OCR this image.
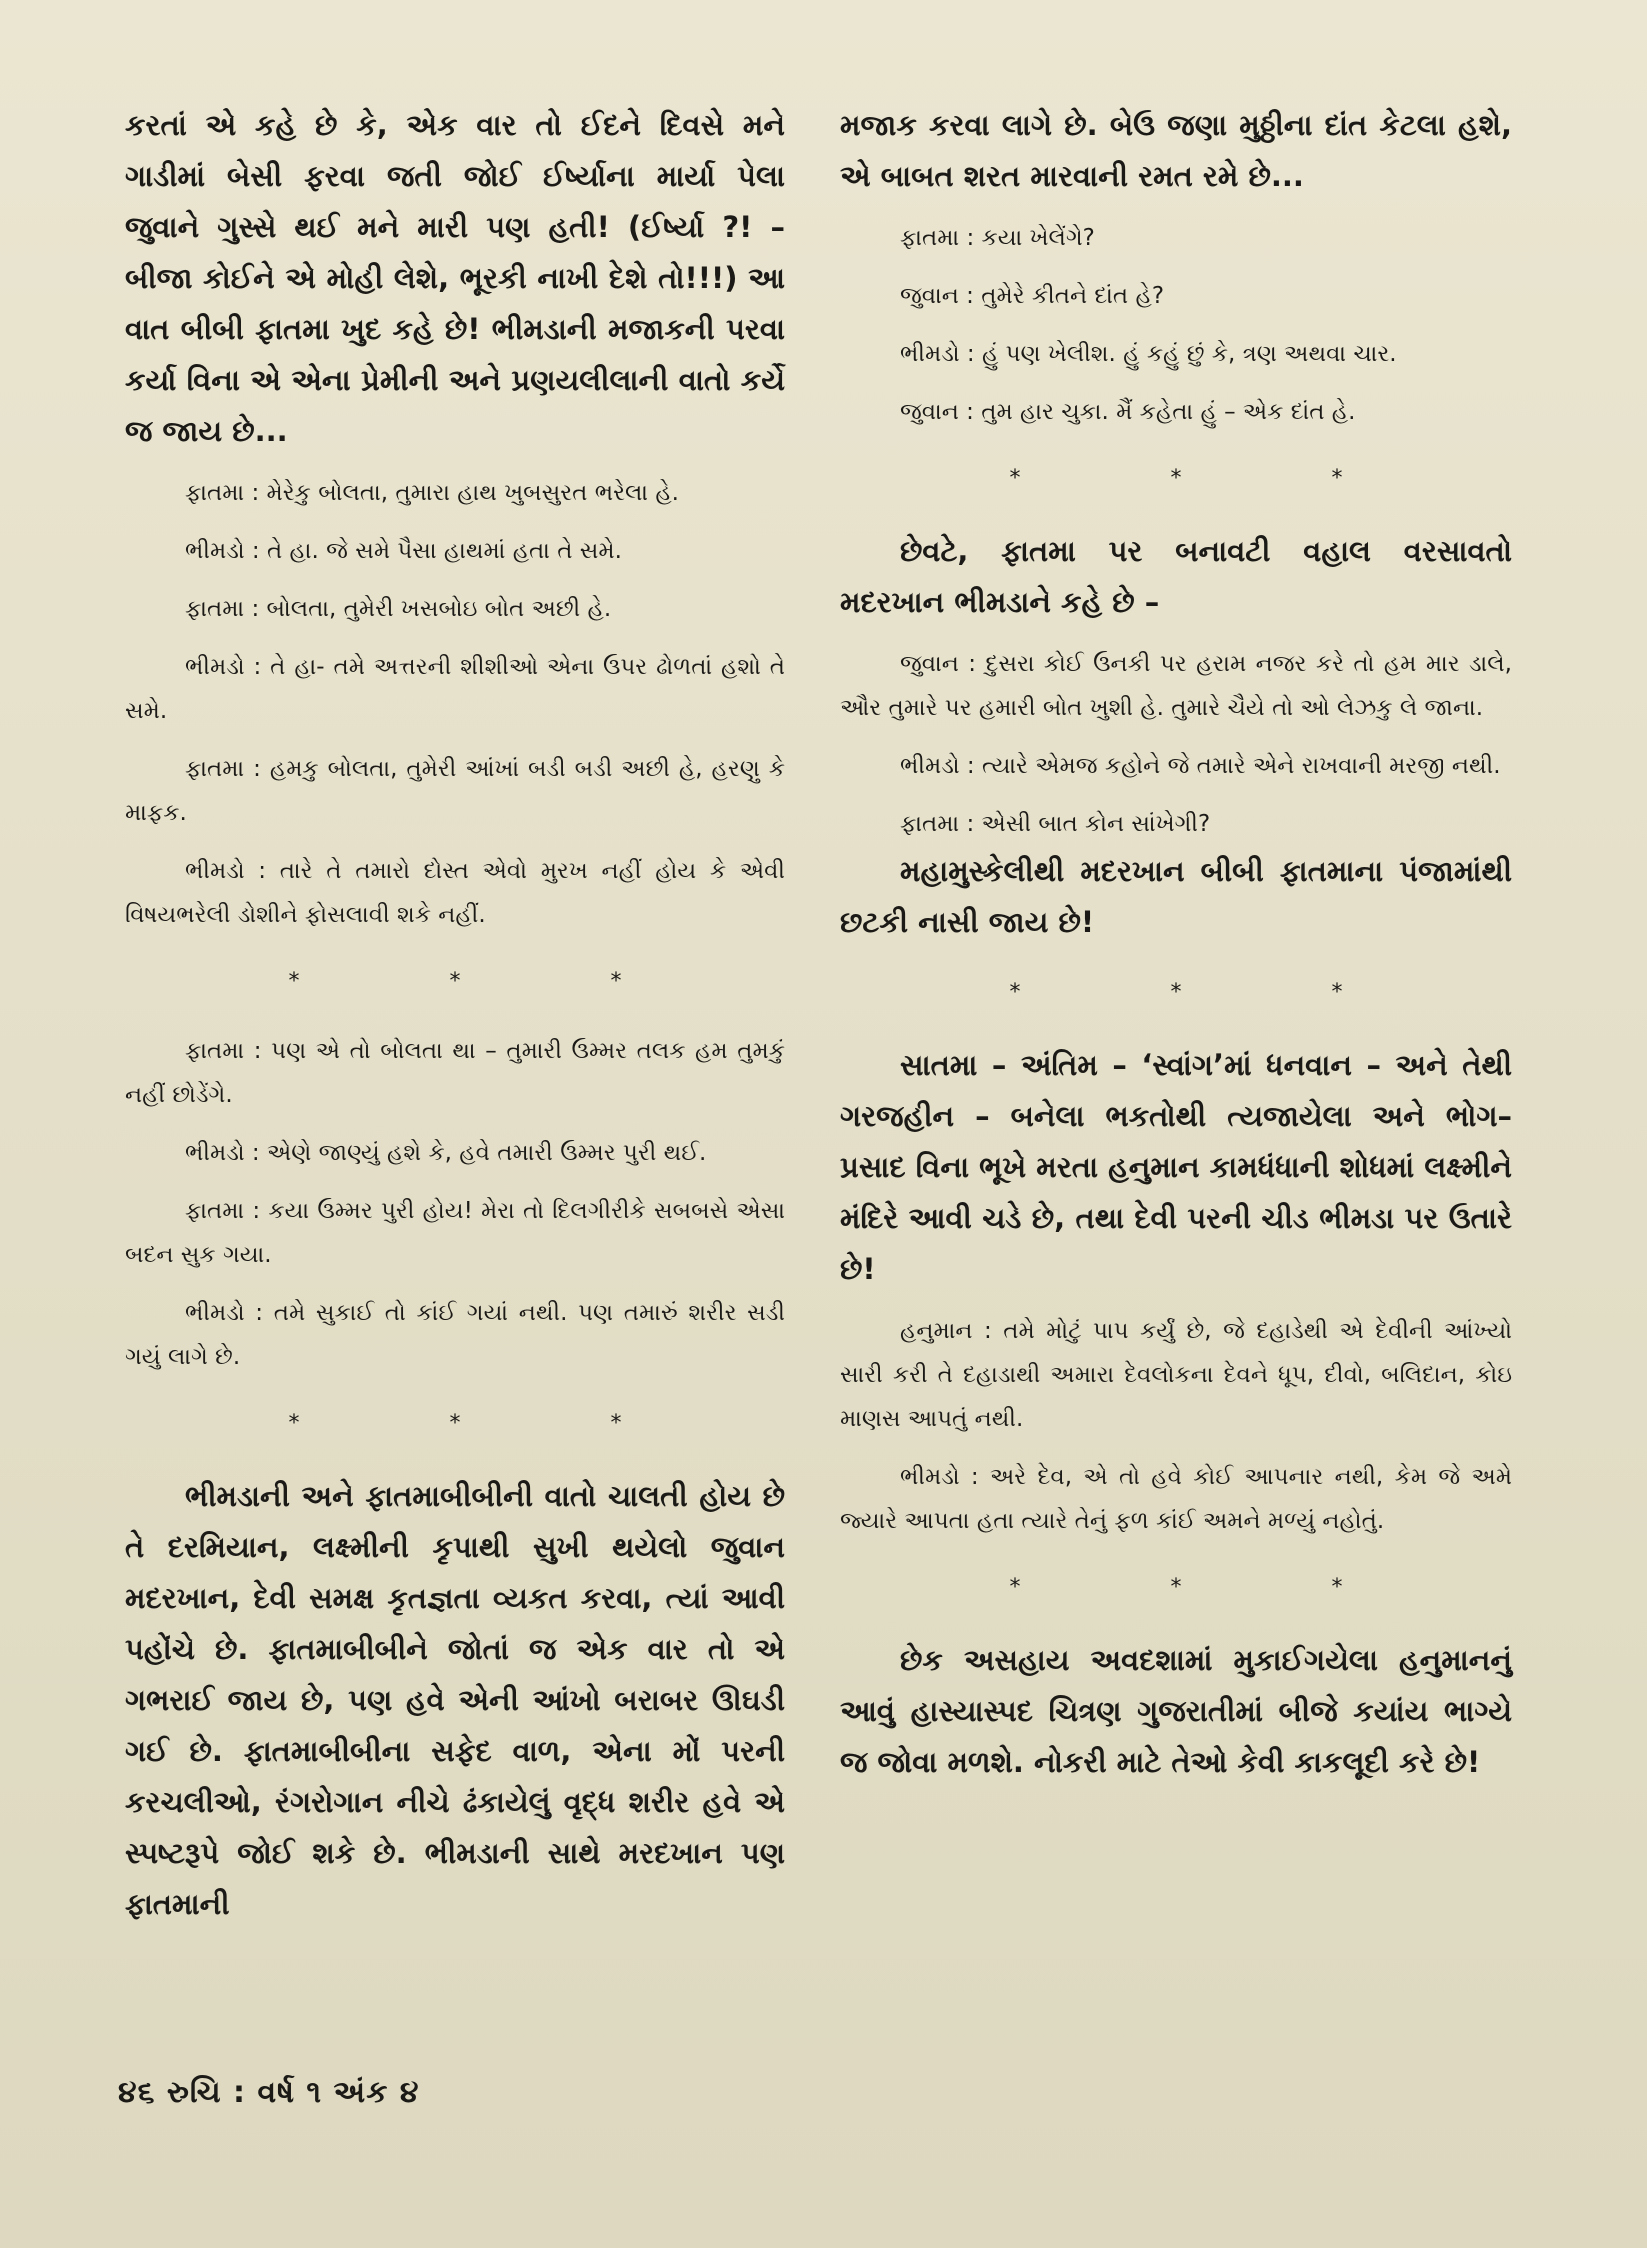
કરતાં એ કહે છે કે, એક વાર તો ઈદને દિવસે મને ગાડીમાં બેસી ફરવા જતી જોઈ ઈર્ષ્યાના માર્યા પેલા જુવાને ગુસ્સે થઈ મને મારી પણ હતી! (ઈર્ષ્યા ?! – બીજા કોઈને એ મોહી લેશે, ભૂરકી નાખી દેશે તો!!!) આ વાત બીબી ફાતમા ખુદ કહે છે! ભીમડાની મજાકની પરવા કર્યા વિના એ એના પ્રેમીની અને પ્રણયલીલાની વાતો કર્યે જ જાય છે...

ફાતમા : મેરેકુ બોલતા, તુમારા હાથ ખુબસુરત ભરેલા હે.

ભીમડો : તે હા. જે સમે પૈસા હાથમાં હતા તે સમે.

ફાતમા : બોલતા, તુમેરી ખસબોઇ બોત અછી હે.

ભીમડો : તે હા- તમે અત્તરની શીશીઓ એના ઉપર ઢોળતાં હશો તે સમે.

ફાતમા : હમકુ બોલતા, તુમેરી આંખાં બડી બડી અછી હે, હરણુ કે માફક.

ભીમડો : તારે તે તમારો દોસ્ત એવો મુરખ નહીં હોય કે એવી વિષયભરેલી ડોશીને ફોસલાવી શકે નહીં.

*	*	*

ફાતમા : પણ એ તો બોલતા થા – તુમારી ઉમ્મર તલક હમ તુમકું નહીં છોડેંગે.

ભીમડો : એણે જાણ્યું હશે કે, હવે તમારી ઉમ્મર પુરી થઈ.

ફાતમા : કયા ઉમ્મર પુરી હોય! મેરા તો દિલગીરીકે સબબસે એસા બદન સુક ગયા.

ભીમડો : તમે સુકાઈ તો કાંઈ ગયાં નથી. પણ તમારું શરીર સડી ગયું લાગે છે.

*	*	*

ભીમડાની અને ફાતમાબીબીની વાતો ચાલતી હોય છે તે દરમિયાન, લક્ષ્મીની કૃપાથી સુખી થયેલો જુવાન મદરખાન, દેવી સમક્ષ કૃતજ્ઞતા વ્યકત કરવા, ત્યાં આવી પહોંચે છે. ફાતમાબીબીને જોતાં જ એક વાર તો એ ગભરાઈ જાય છે, પણ હવે એની આંખો બરાબર ઊઘડી ગઈ છે. ફાતમાબીબીના સફેદ વાળ, એના મોં પરની કરચલીઓ, રંગરોગાન નીચે ઢંકાયેલું વૃદ્ધ શરીર હવે એ સ્પષ્ટરૂપે જોઈ શકે છે. ભીમડાની સાથે મરદખાન પણ ફાતમાની

મજાક કરવા લાગે છે. બેઉ જણા મુઠ્ઠીના દાંત કેટલા હશે, એ બાબત શરત મારવાની રમત રમે છે...

ફાતમા : કયા ખેલેંગે?

જુવાન : તુમેરે કીતને દાંત હે?

ભીમડો : હું પણ ખેલીશ. હું કહું છું કે, ત્રણ અથવા ચાર.

જુવાન : તુમ હાર ચુકા. મૈં કહેતા હું – એક દાંત હે.

*	*	*

છેવટે, ફાતમા પર બનાવટી વહાલ વરસાવતો મદરખાન ભીમડાને કહે છે –

જુવાન : દુસરા કોઈ ઉનકી પર હરામ નજર કરે તો હમ માર ડાલે, ઔર તુમારે પર હમારી બોત ખુશી હે. તુમારે ચૈયે તો ઓ લેઝકુ લે જાના.

ભીમડો : ત્યારે એમજ કહોને જે તમારે એને રાખવાની મરજી નથી.

ફાતમા : એસી બાત કોન સાંખેગી?

મહામુસ્કેલીથી મદરખાન બીબી ફાતમાના પંજામાંથી છટકી નાસી જાય છે!

*	*	*

સાતમા – અંતિમ – ‘સ્વાંગ’માં ધનવાન – અને તેથી ગરજહીન – બનેલા ભકતોથી ત્યજાયેલા અને ભોગ–પ્રસાદ વિના ભૂખે મરતા હનુમાન કામધંધાની શોધમાં લક્ષ્મીને મંદિરે આવી ચડે છે, તથા દેવી પરની ચીડ ભીમડા પર ઉતારે છે!

હનુમાન : તમે મોટું પાપ કર્યું છે, જે દહાડેથી એ દેવીની આંખ્યો સારી કરી તે દહાડાથી અમારા દેવલોકના દેવને ધૂપ, દીવો, બલિદાન, કોઇ માણસ આપતું નથી.

ભીમડો : અરે દેવ, એ તો હવે કોઈ આપનાર નથી, કેમ જે અમે જ્યારે આપતા હતા ત્યારે તેનું ફળ કાંઈ અમને મળ્યું નહોતું.

*	*	*

છેક અસહાય અવદશામાં મુકાઈગયેલા હનુમાનનું આવું હાસ્યાસ્પદ ચિત્રણ ગુજરાતીમાં બીજે કયાંય ભાગ્યે જ જોવા મળશે. નોકરી માટે તેઓ કેવી કાકલૂદી કરે છે!

૪૬ રુચિ : વર્ષ ૧ અંક ૪
